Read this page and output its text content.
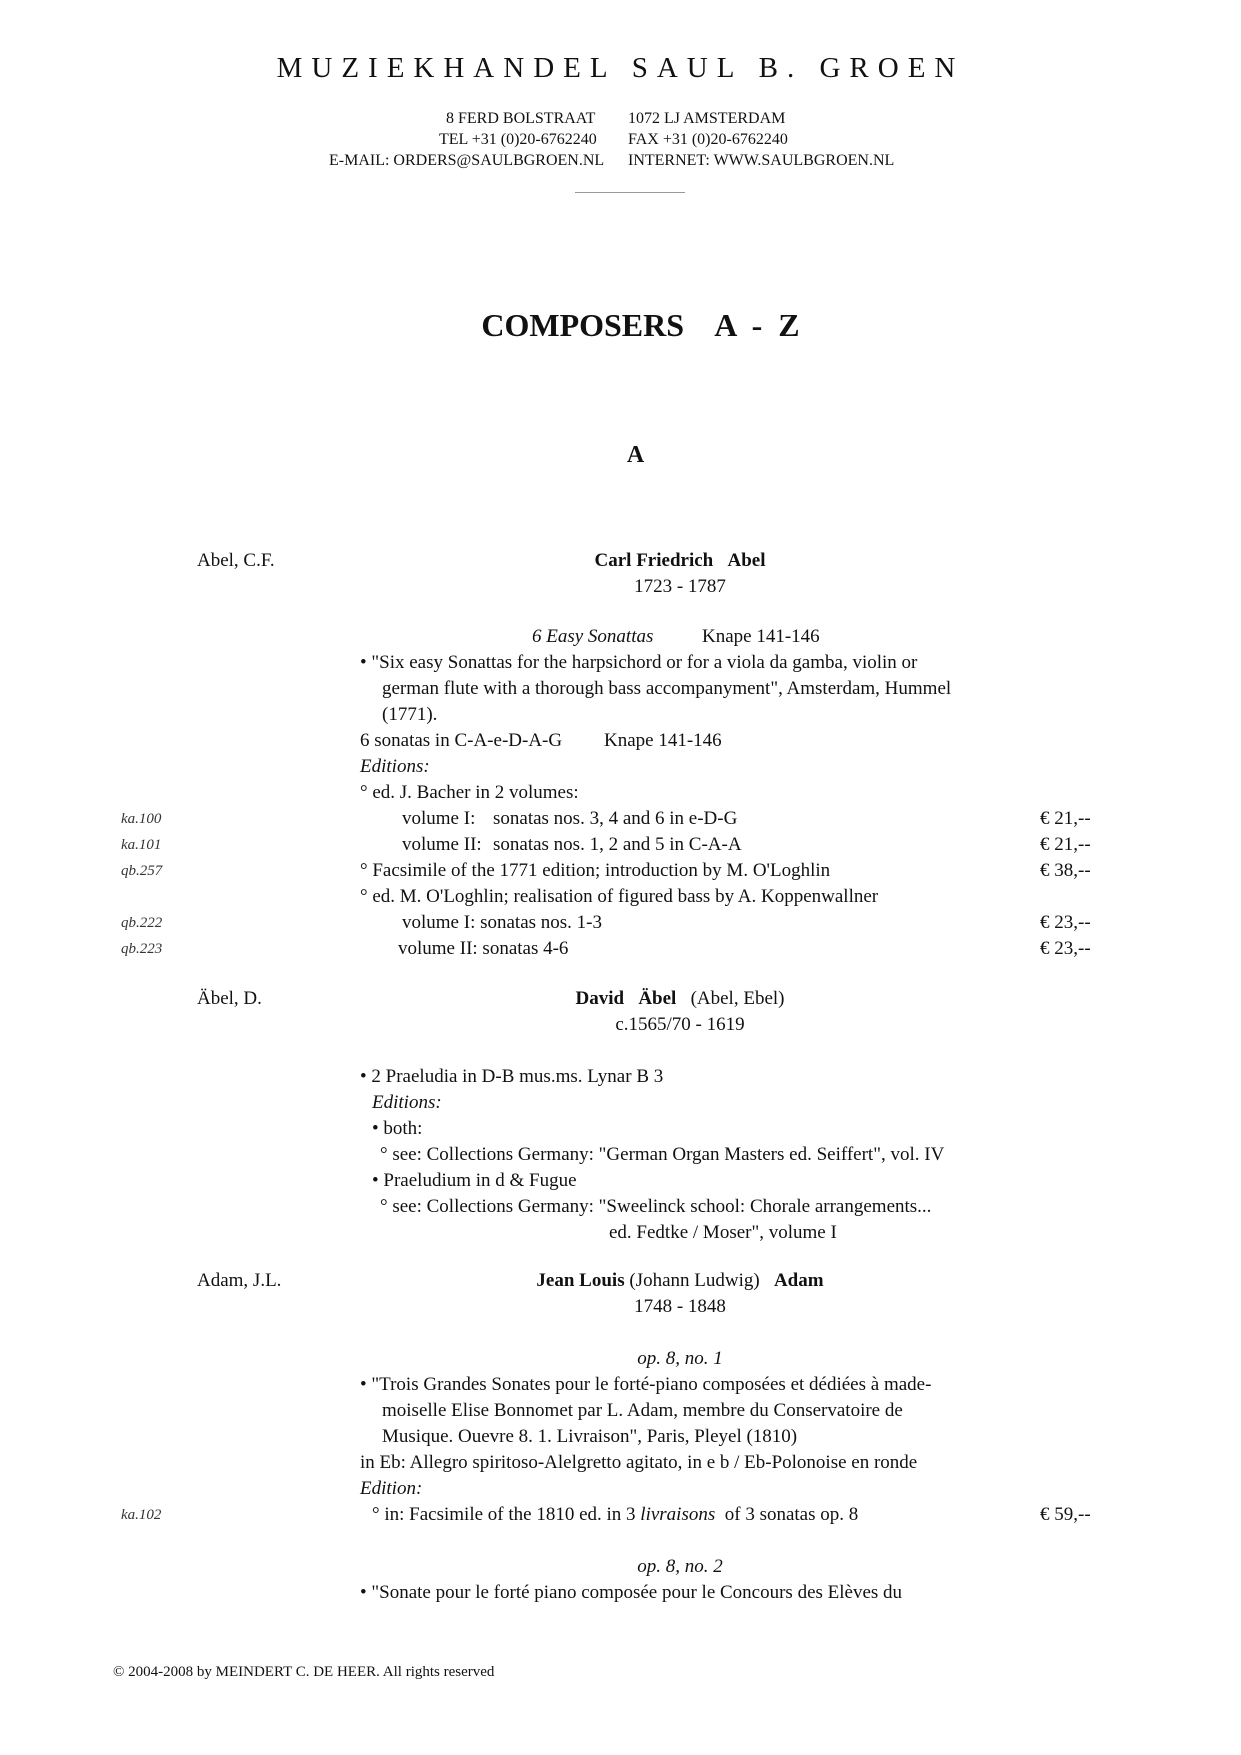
MUZIEKHANDEL SAUL B. GROEN
8 FERD BOLSTRAAT 1072 LJ AMSTERDAM
TEL +31 (0)20-6762240 FAX +31 (0)20-6762240
E-MAIL: ORDERS@SAULBGROEN.NL INTERNET: WWW.SAULBGROEN.NL
COMPOSERS    A  -  Z
A
Abel, C.F.	Carl Friedrich Abel
1723 - 1787
6 Easy Sonattas	Knape 141-146
• "Six easy Sonattas for the harpsichord or for a viola da gamba, violin or
german flute with a thorough bass accompanyment", Amsterdam, Hummel
(1771).
6 sonatas in C-A-e-D-A-G Knape 141-146
Editions:
° ed. J. Bacher in 2 volumes:
ka.100	volume I: sonatas nos. 3, 4 and 6 in e-D-G	€ 21,--
ka.101	volume II: sonatas nos. 1, 2 and 5 in C-A-A	€ 21,--
qb.257	° Facsimile of the 1771 edition; introduction by M. O'Loghlin	€ 38,--
° ed. M. O'Loghlin; realisation of figured bass by A. Koppenwallner
qb.222	volume I: sonatas nos. 1-3	€ 23,--
qb.223	volume II: sonatas 4-6	€ 23,--
Äbel, D.	David Äbel (Abel, Ebel)
c.1565/70 - 1619
• 2 Praeludia in D-B mus.ms. Lynar B 3
Editions:
• both:
° see: Collections Germany: "German Organ Masters ed. Seiffert", vol. IV
• Praeludium in d & Fugue
° see: Collections Germany: "Sweelinck school: Chorale arrangements...
ed. Fedtke / Moser", volume I
Adam, J.L.	Jean Louis (Johann Ludwig) Adam
1748 - 1848
op. 8, no. 1
• "Trois Grandes Sonates pour le forté-piano composées et dédiées à made-
moiselle Elise Bonnomet par L. Adam, membre du Conservatoire de
Musique. Ouevre 8. 1. Livraison", Paris, Pleyel (1810)
in Eb: Allegro spiritoso-Alelgretto agitato, in e b / Eb-Polonoise en ronde
Edition:
ka.102	° in: Facsimile of the 1810 ed. in 3 livraisons of 3 sonatas op. 8	€ 59,--
op. 8, no. 2
• "Sonate pour le forté piano composée pour le Concours des Elèves du
© 2004-2008 by MEINDERT C. DE HEER. All rights reserved
